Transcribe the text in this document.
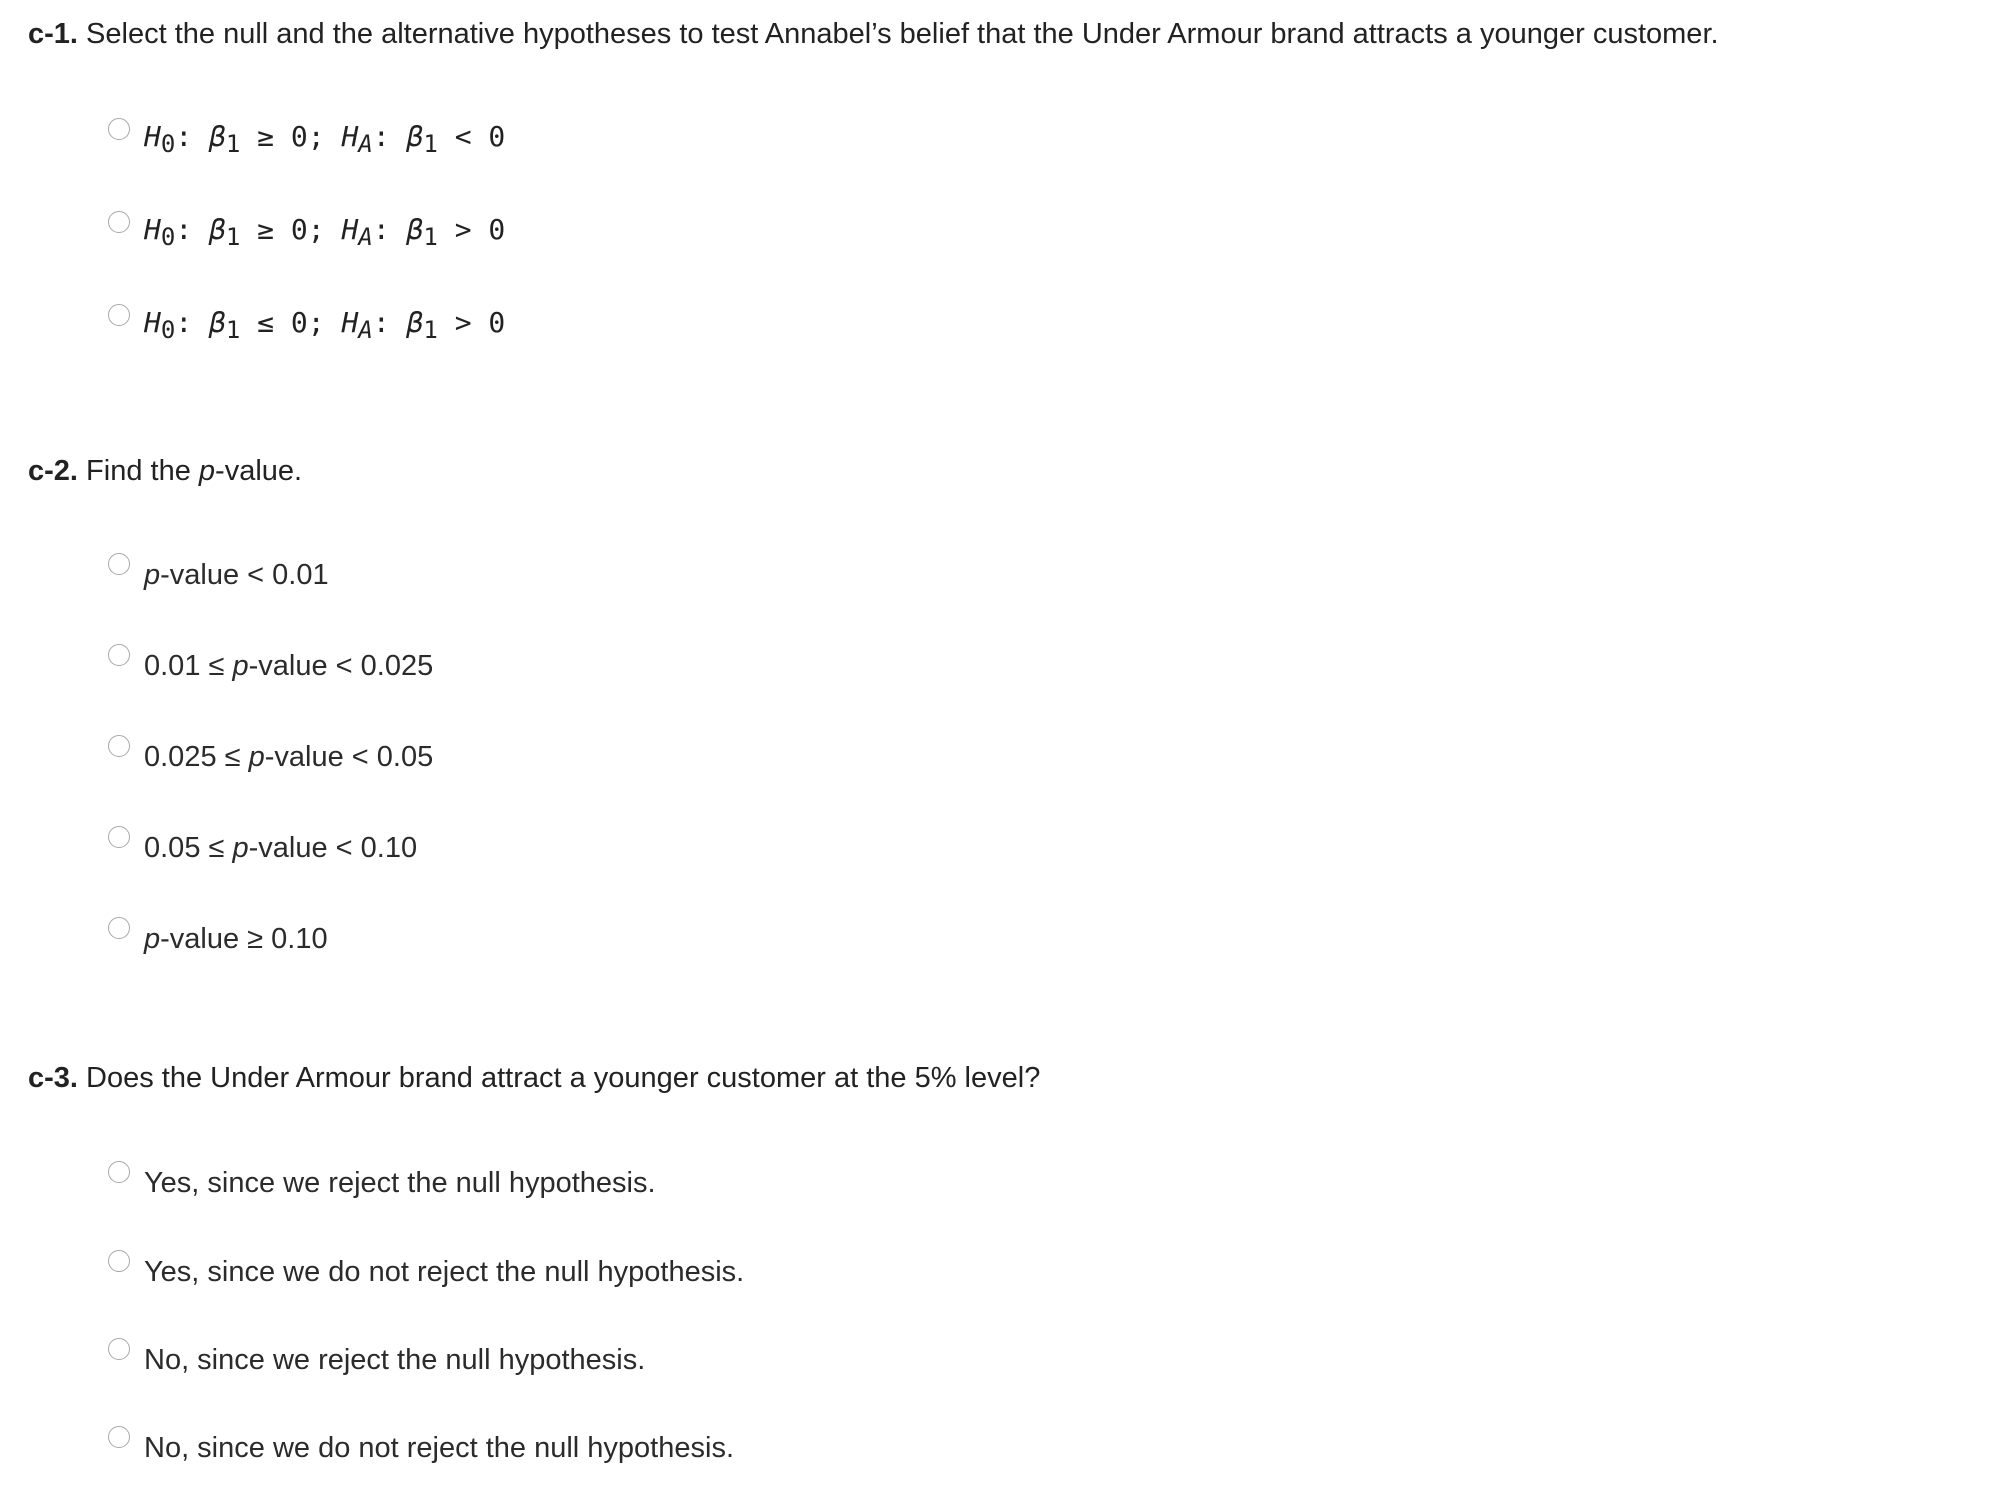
c-1. Select the null and the alternative hypotheses to test Annabel’s belief that the Under Armour brand attracts a younger customer.
$H_0$: $\beta_1 \ge 0$; $H_A$: $\beta_1 < 0$
$H_0$: $\beta_1 \ge 0$; $H_A$: $\beta_1 > 0$
$H_0$: $\beta_1 \le 0$; $H_A$: $\beta_1 > 0$
c-2. Find the p-value.
p-value < 0.01
0.01 ≤ p-value < 0.025
0.025 ≤ p-value < 0.05
0.05 ≤ p-value < 0.10
p-value ≥ 0.10
c-3. Does the Under Armour brand attract a younger customer at the 5% level?
Yes, since we reject the null hypothesis.
Yes, since we do not reject the null hypothesis.
No, since we reject the null hypothesis.
No, since we do not reject the null hypothesis.
